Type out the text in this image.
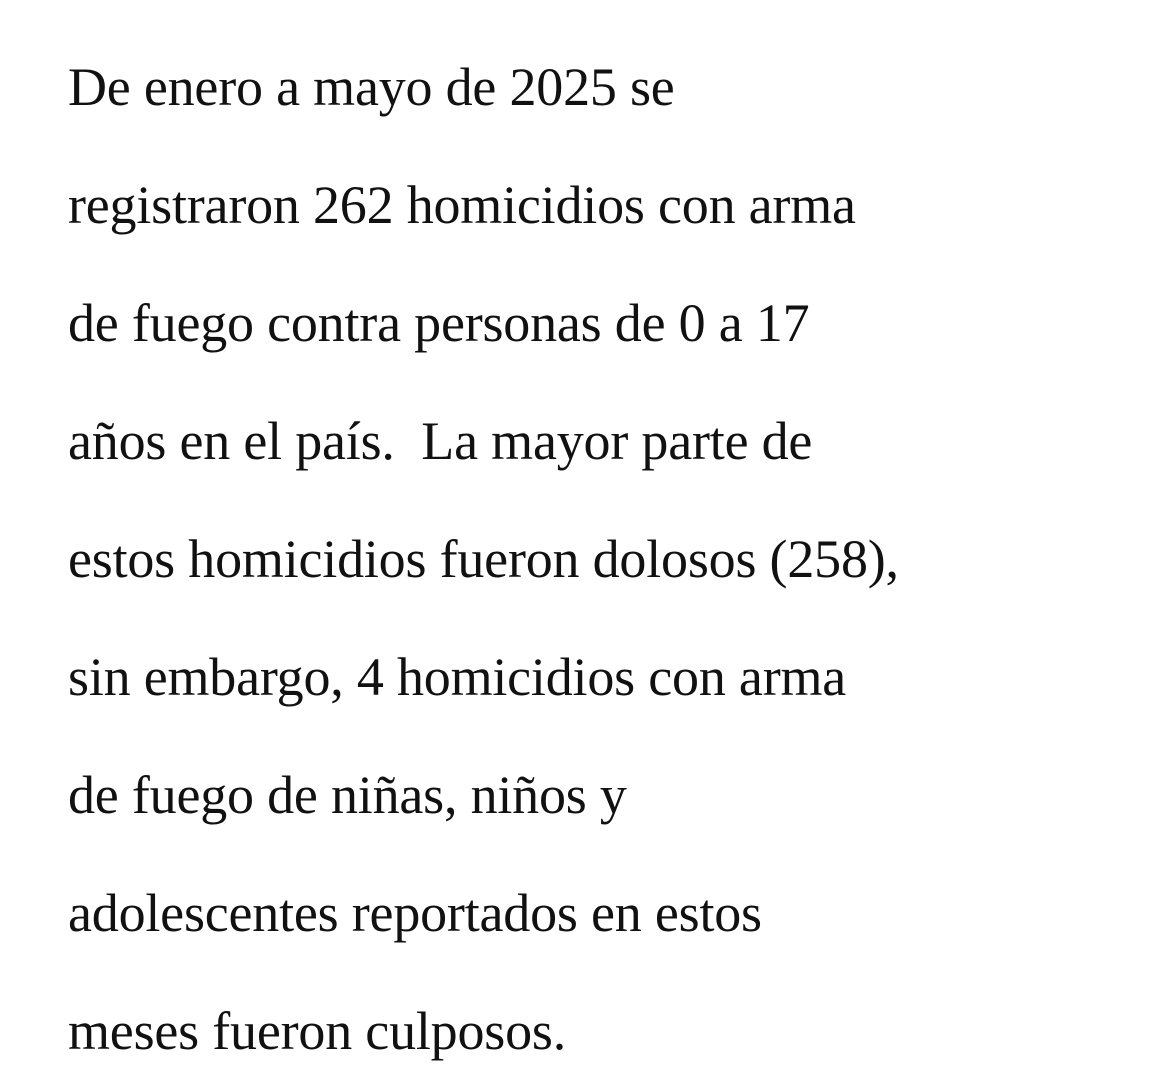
De enero a mayo de 2025 se
registraron 262 homicidios con arma
de fuego contra personas de 0 a 17
años en el país.  La mayor parte de
estos homicidios fueron dolosos (258),
sin embargo, 4 homicidios con arma
de fuego de niñas, niños y
adolescentes reportados en estos
meses fueron culposos.
